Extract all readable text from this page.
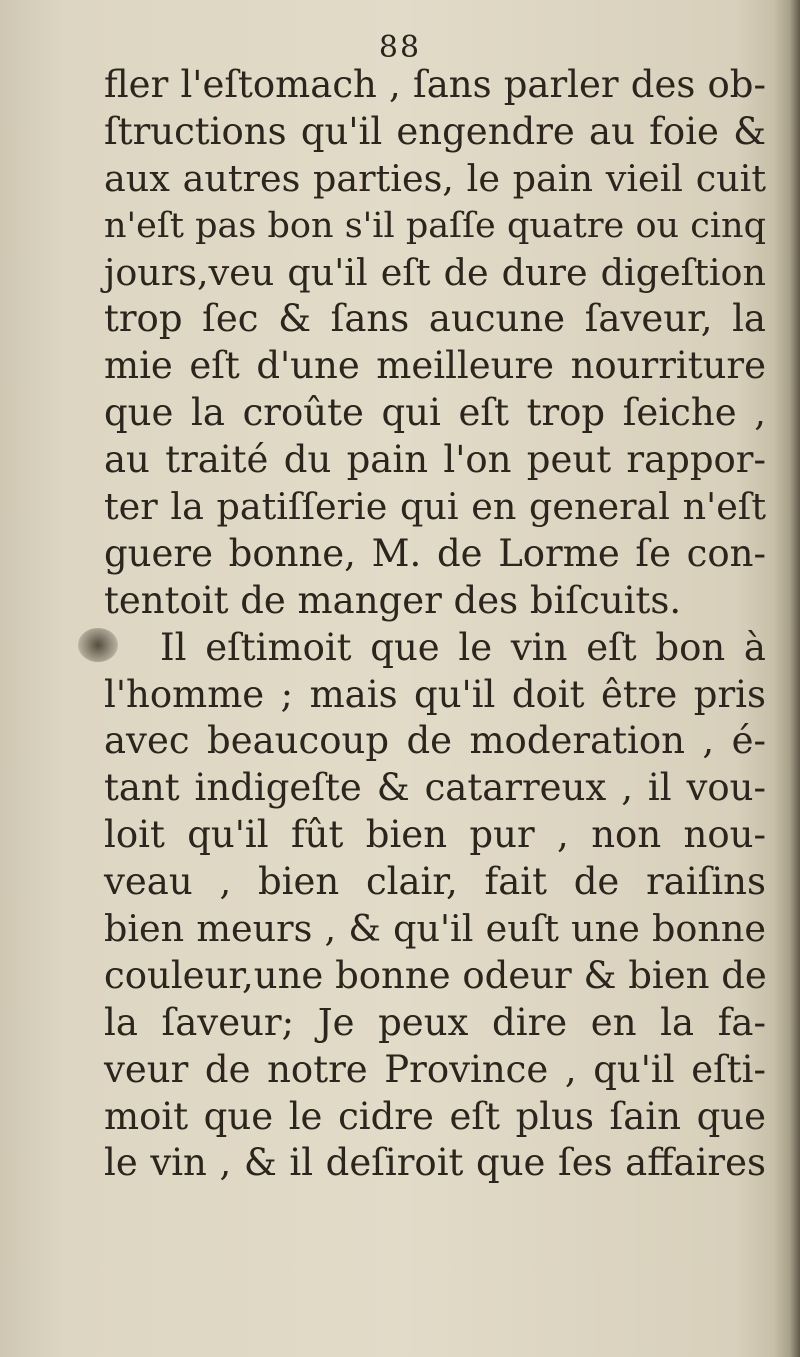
88
fler l'eſtomach , ſans parler des ob-
ſtructions qu'il engendre au foie &
aux autres parties, le pain vieil cuit
n'eſt pas bon s'il paſſe quatre ou cinq
jours,veu qu'il eſt de dure digeſtion
trop ſec & ſans aucune ſaveur, la
mie eſt d'une meilleure nourriture
que la croûte qui eſt trop ſeiche ,
au traité du pain l'on peut rappor-
ter la patiſſerie qui en general n'eſt
guere bonne, M. de Lorme ſe con-
tentoit de manger des biſcuits.
Il eſtimoit que le vin eſt bon à
l'homme ; mais qu'il doit être pris
avec beaucoup de moderation , é-
tant indigeſte & catarreux , il vou-
loit qu'il fût bien pur , non nou-
veau , bien clair, fait de raiſins
bien meurs , & qu'il euſt une bonne
couleur,une bonne odeur & bien de
la ſaveur; Je peux dire en la fa-
veur de notre Province , qu'il eſti-
moit que le cidre eſt plus ſain que
le vin , & il deſiroit que ſes affaires
